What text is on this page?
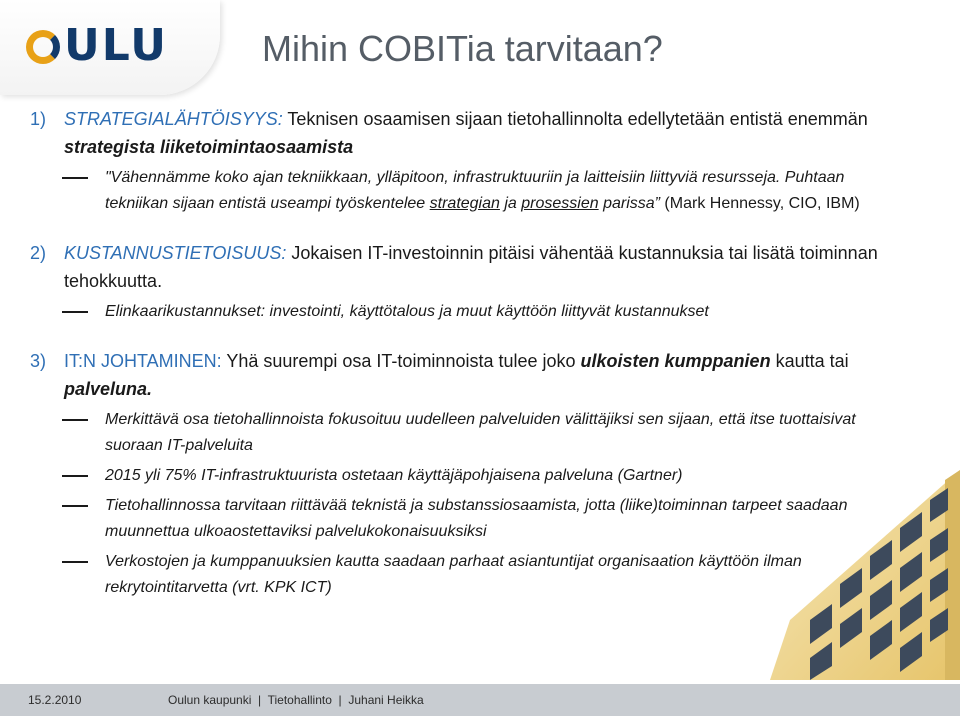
ULU	Mihin COBITia tarvitaan?
1) STRATEGIALÄHTÖISYYS: Teknisen osaamisen sijaan tietohallinnolta edellytetään entistä enemmän strategista liiketoimintaosaamista
"Vähennämme koko ajan tekniikkaan, ylläpitoon, infrastruktuuriin ja laitteisiin liittyviä resursseja. Puhtaan tekniikan sijaan entistä useampi työskentelee strategian ja prosessien parissa” (Mark Hennessy, CIO, IBM)
2) KUSTANNUSTIETOISUUS: Jokaisen IT-investoinnin pitäisi vähentää kustannuksia tai lisätä toiminnan tehokkuutta.
Elinkaarikustannukset: investointi, käyttötalous ja muut käyttöön liittyvät kustannukset
3) IT:N JOHTAMINEN: Yhä suurempi osa IT-toiminnoista tulee joko ulkoisten kumppanien kautta tai palveluna.
Merkittävä osa tietohallinnoista fokusoituu uudelleen palveluiden välittäjiksi sen sijaan, että itse tuottaisivat suoraan IT-palveluita
2015 yli 75% IT-infrastruktuurista ostetaan käyttäjäpohjaisena palveluna (Gartner)
Tietohallinnossa tarvitaan riittävää teknistä ja substanssiosaamista, jotta (liike)toiminnan tarpeet saadaan muunnettua ulkoaostettaviksi palvelukokonaisuuksiksi
Verkostojen ja kumppanuuksien kautta saadaan parhaat asiantuntijat organisaation käyttöön ilman rekrytointitarvetta (vrt. KPK ICT)
15.2.2010	Oulun kaupunki  |  Tietohallinto  |  Juhani Heikka
